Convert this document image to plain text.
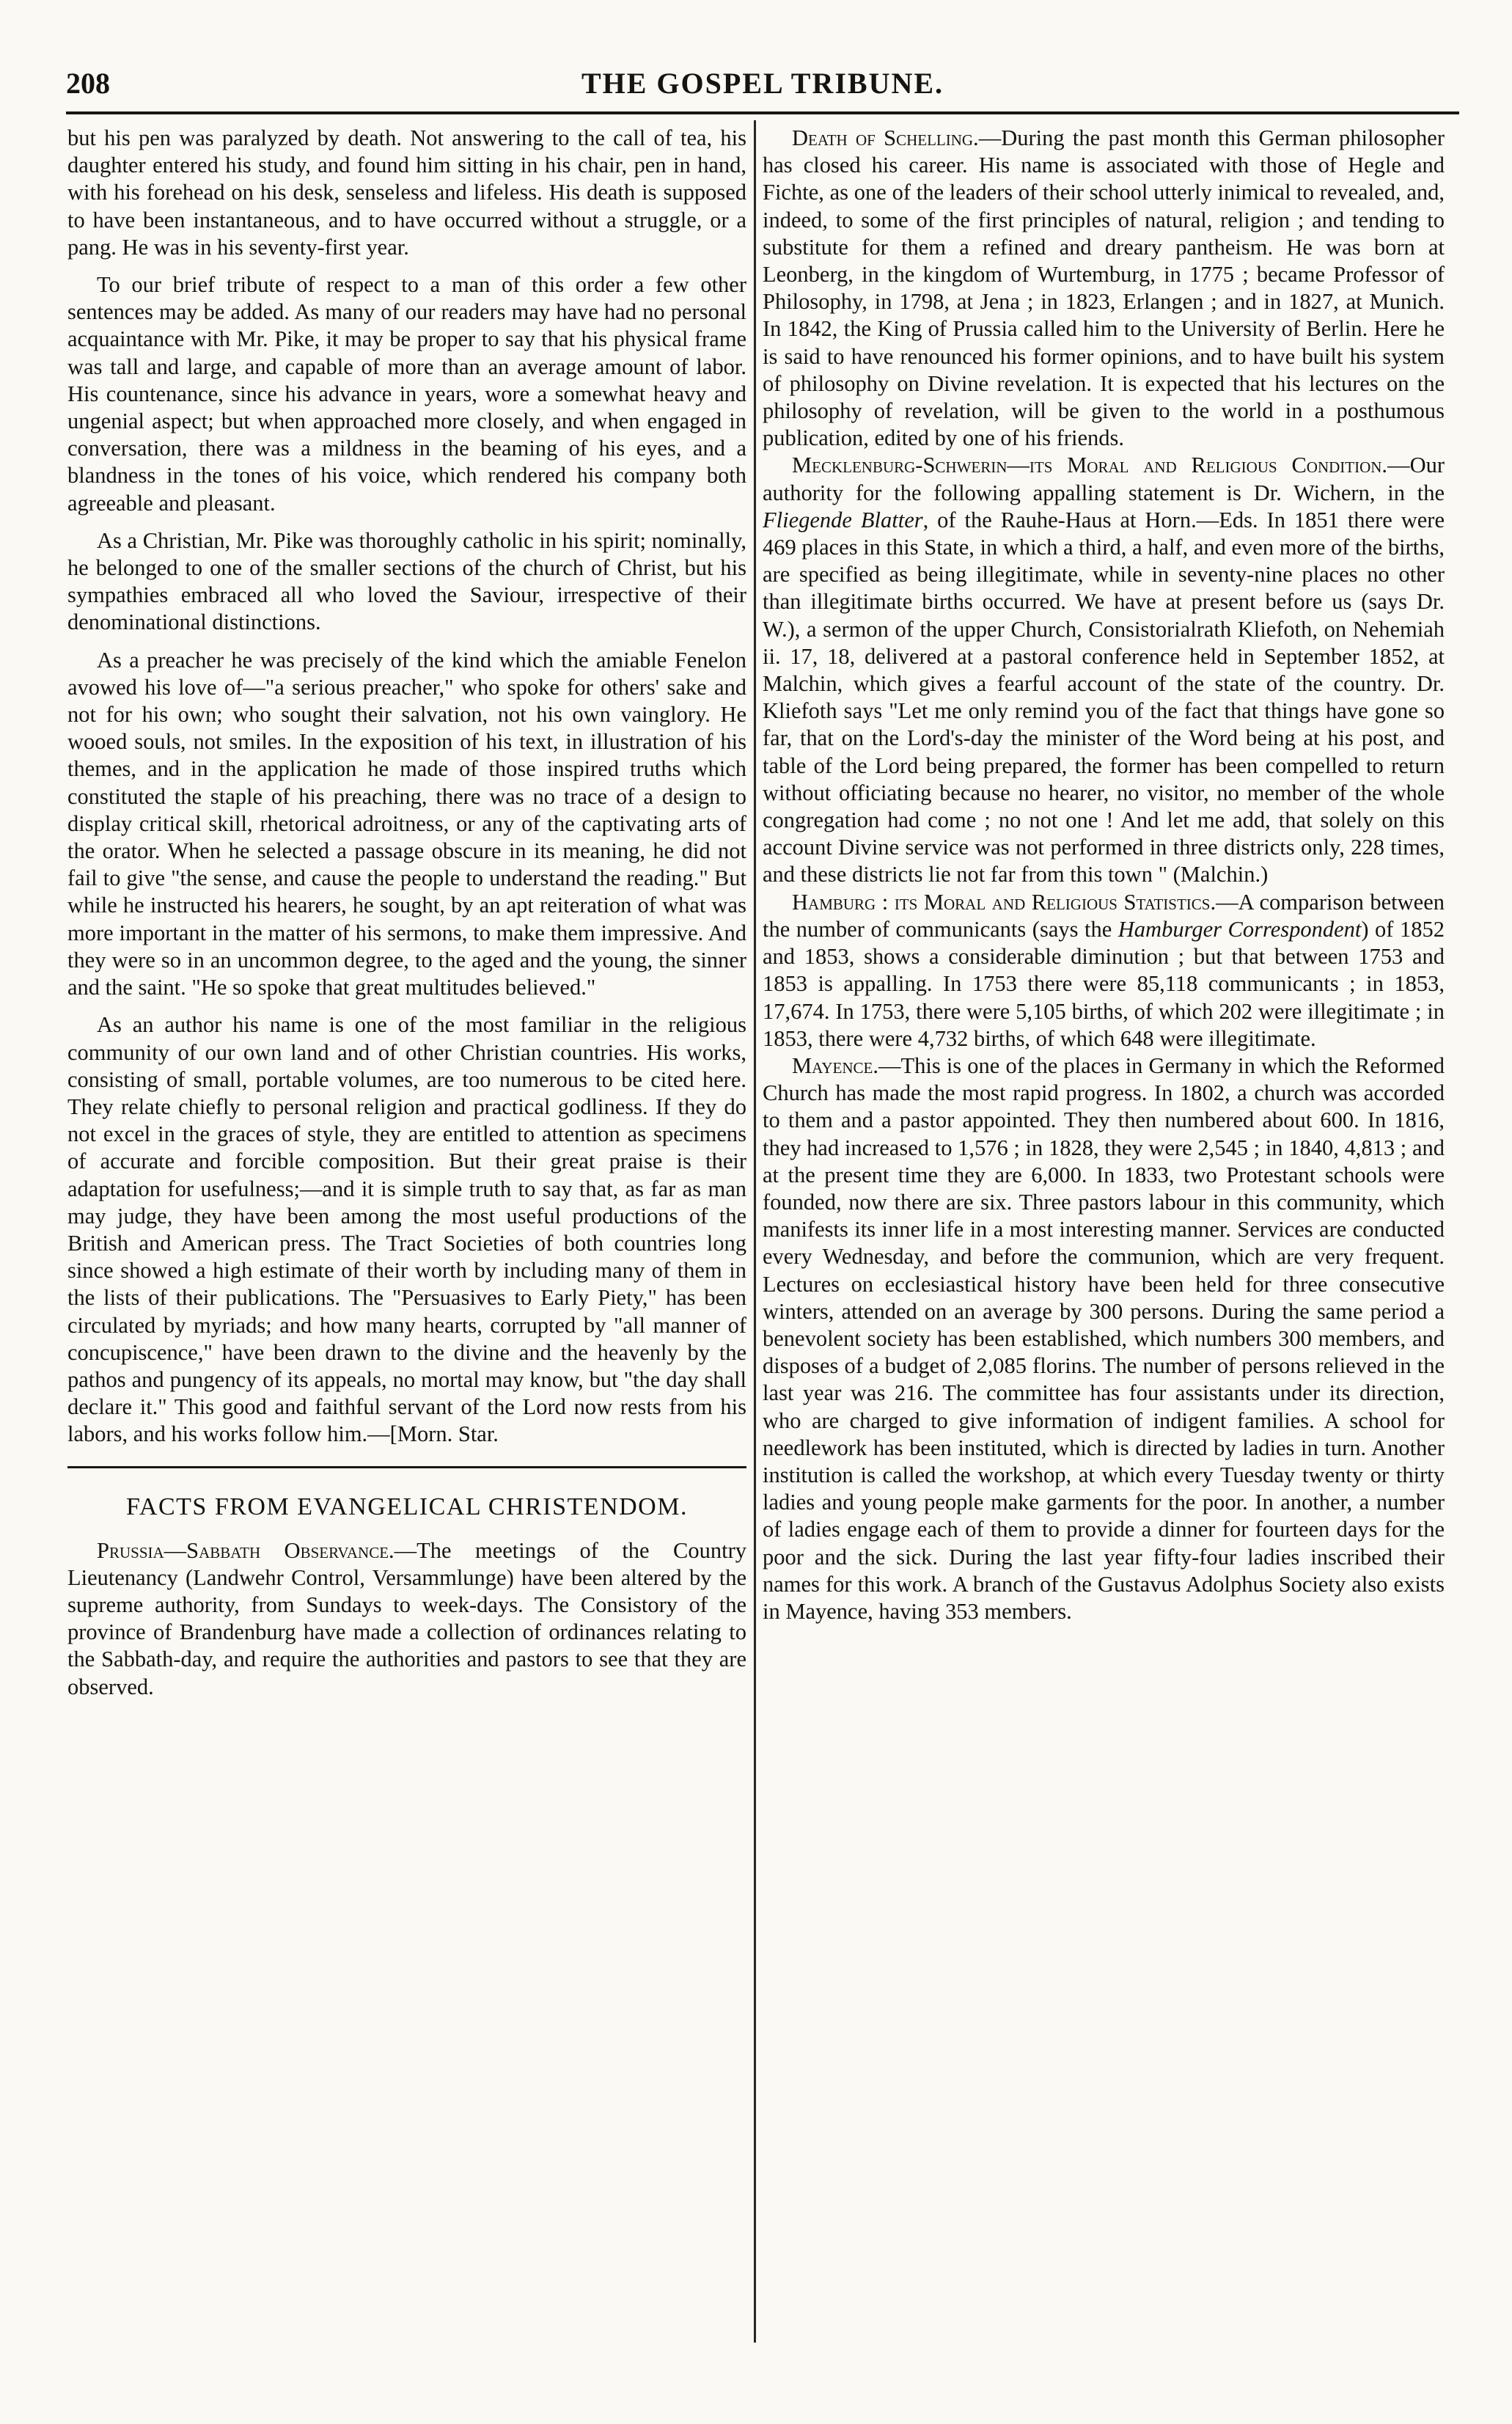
208	THE GOSPEL TRIBUNE.

but his pen was paralyzed by death. Not answering to the call of tea, his daughter entered his study, and found him sitting in his chair, pen in hand, with his forehead on his desk, senseless and lifeless. His death is supposed to have been instantaneous, and to have occurred without a struggle, or a pang. He was in his seventy-first year.

To our brief tribute of respect to a man of this order a few other sentences may be added. As many of our readers may have had no personal acquaintance with Mr. Pike, it may be proper to say that his physical frame was tall and large, and capable of more than an average amount of labor. His countenance, since his advance in years, wore a somewhat heavy and ungenial aspect; but when approached more closely, and when engaged in conversation, there was a mildness in the beaming of his eyes, and a blandness in the tones of his voice, which rendered his company both agreeable and pleasant.

As a Christian, Mr. Pike was thoroughly catholic in his spirit; nominally, he belonged to one of the smaller sections of the church of Christ, but his sympathies embraced all who loved the Saviour, irrespective of their denominational distinctions.

As a preacher he was precisely of the kind which the amiable Fenelon avowed his love of—"a serious preacher," who spoke for others' sake and not for his own; who sought their salvation, not his own vainglory. He wooed souls, not smiles. In the exposition of his text, in illustration of his themes, and in the application he made of those inspired truths which constituted the staple of his preaching, there was no trace of a design to display critical skill, rhetorical adroitness, or any of the captivating arts of the orator. When he selected a passage obscure in its meaning, he did not fail to give "the sense, and cause the people to understand the reading." But while he instructed his hearers, he sought, by an apt reiteration of what was more important in the matter of his sermons, to make them impressive. And they were so in an uncommon degree, to the aged and the young, the sinner and the saint. "He so spoke that great multitudes believed."

As an author his name is one of the most familiar in the religious community of our own land and of other Christian countries. His works, consisting of small, portable volumes, are too numerous to be cited here. They relate chiefly to personal religion and practical godliness. If they do not excel in the graces of style, they are entitled to attention as specimens of accurate and forcible composition. But their great praise is their adaptation for usefulness;—and it is simple truth to say that, as far as man may judge, they have been among the most useful productions of the British and American press. The Tract Societies of both countries long since showed a high estimate of their worth by including many of them in the lists of their publications. The "Persuasives to Early Piety," has been circulated by myriads; and how many hearts, corrupted by "all manner of concupiscence," have been drawn to the divine and the heavenly by the pathos and pungency of its appeals, no mortal may know, but "the day shall declare it." This good and faithful servant of the Lord now rests from his labors, and his works follow him.—[Morn. Star.

FACTS FROM EVANGELICAL CHRISTENDOM.

Prussia—Sabbath Observance.—The meetings of the Country Lieutenancy (Landwehr Control, Versammlunge) have been altered by the supreme authority, from Sundays to week-days. The Consistory of the province of Brandenburg have made a collection of ordinances relating to the Sabbath-day, and require the authorities and pastors to see that they are observed.

Death of Schelling.—During the past month this German philosopher has closed his career. His name is associated with those of Hegle and Fichte, as one of the leaders of their school utterly inimical to revealed, and, indeed, to some of the first principles of natural, religion ; and tending to substitute for them a refined and dreary pantheism. He was born at Leonberg, in the kingdom of Wurtemburg, in 1775 ; became Professor of Philosophy, in 1798, at Jena ; in 1823, Erlangen ; and in 1827, at Munich. In 1842, the King of Prussia called him to the University of Berlin. Here he is said to have renounced his former opinions, and to have built his system of philosophy on Divine revelation. It is expected that his lectures on the philosophy of revelation, will be given to the world in a posthumous publication, edited by one of his friends.

Mecklenburg-Schwerin—its Moral and Religious Condition.—Our authority for the following appalling statement is Dr. Wichern, in the Fliegende Blatter, of the Rauhe-Haus at Horn.—Eds. In 1851 there were 469 places in this State, in which a third, a half, and even more of the births, are specified as being illegitimate, while in seventy-nine places no other than illegitimate births occurred. We have at present before us (says Dr. W.), a sermon of the upper Church, Consistorialrath Kliefoth, on Nehemiah ii. 17, 18, delivered at a pastoral conference held in September 1852, at Malchin, which gives a fearful account of the state of the country. Dr. Kliefoth says "Let me only remind you of the fact that things have gone so far, that on the Lord's-day the minister of the Word being at his post, and table of the Lord being prepared, the former has been compelled to return without officiating because no hearer, no visitor, no member of the whole congregation had come ; no not one ! And let me add, that solely on this account Divine service was not performed in three districts only, 228 times, and these districts lie not far from this town " (Malchin.)

Hamburg : its Moral and Religious Statistics.—A comparison between the number of communicants (says the Hamburger Correspondent) of 1852 and 1853, shows a considerable diminution ; but that between 1753 and 1853 is appalling. In 1753 there were 85,118 communicants ; in 1853, 17,674. In 1753, there were 5,105 births, of which 202 were illegitimate ; in 1853, there were 4,732 births, of which 648 were illegitimate.

Mayence.—This is one of the places in Germany in which the Reformed Church has made the most rapid progress. In 1802, a church was accorded to them and a pastor appointed. They then numbered about 600. In 1816, they had increased to 1,576 ; in 1828, they were 2,545 ; in 1840, 4,813 ; and at the present time they are 6,000. In 1833, two Protestant schools were founded, now there are six. Three pastors labour in this community, which manifests its inner life in a most interesting manner. Services are conducted every Wednesday, and before the communion, which are very frequent. Lectures on ecclesiastical history have been held for three consecutive winters, attended on an average by 300 persons. During the same period a benevolent society has been established, which numbers 300 members, and disposes of a budget of 2,085 florins. The number of persons relieved in the last year was 216. The committee has four assistants under its direction, who are charged to give information of indigent families. A school for needlework has been instituted, which is directed by ladies in turn. Another institution is called the workshop, at which every Tuesday twenty or thirty ladies and young people make garments for the poor. In another, a number of ladies engage each of them to provide a dinner for fourteen days for the poor and the sick. During the last year fifty-four ladies inscribed their names for this work. A branch of the Gustavus Adolphus Society also exists in Mayence, having 353 members.
